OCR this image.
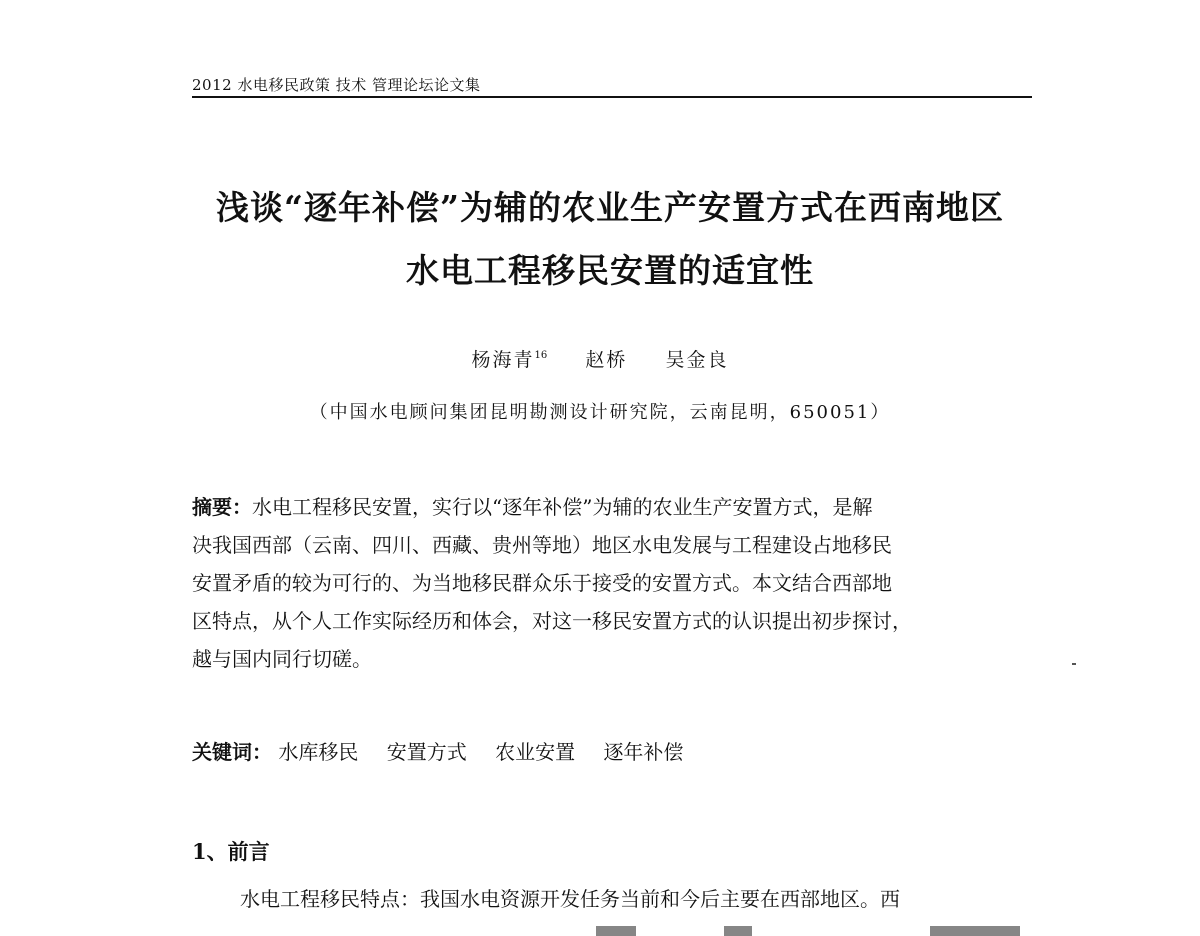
2012 水电移民政策 技术 管理论坛论文集
浅谈“逐年补偿”为辅的农业生产安置方式在西南地区
水电工程移民安置的适宜性
杨海青$^{16}$ 赵桥 吴金良
（中国水电顾问集团昆明勘测设计研究院，云南昆明，650051）
摘要：水电工程移民安置，实行以“逐年补偿”为辅的农业生产安置方式，是解
决我国西部（云南、四川、西藏、贵州等地）地区水电发展与工程建设占地移民
安置矛盾的较为可行的、为当地移民群众乐于接受的安置方式。本文结合西部地
区特点，从个人工作实际经历和体会，对这一移民安置方式的认识提出初步探讨，
越与国内同行切磋。
关键词： 水库移民 安置方式 农业安置 逐年补偿
1、前言
水电工程移民特点：我国水电资源开发任务当前和今后主要在西部地区。西
